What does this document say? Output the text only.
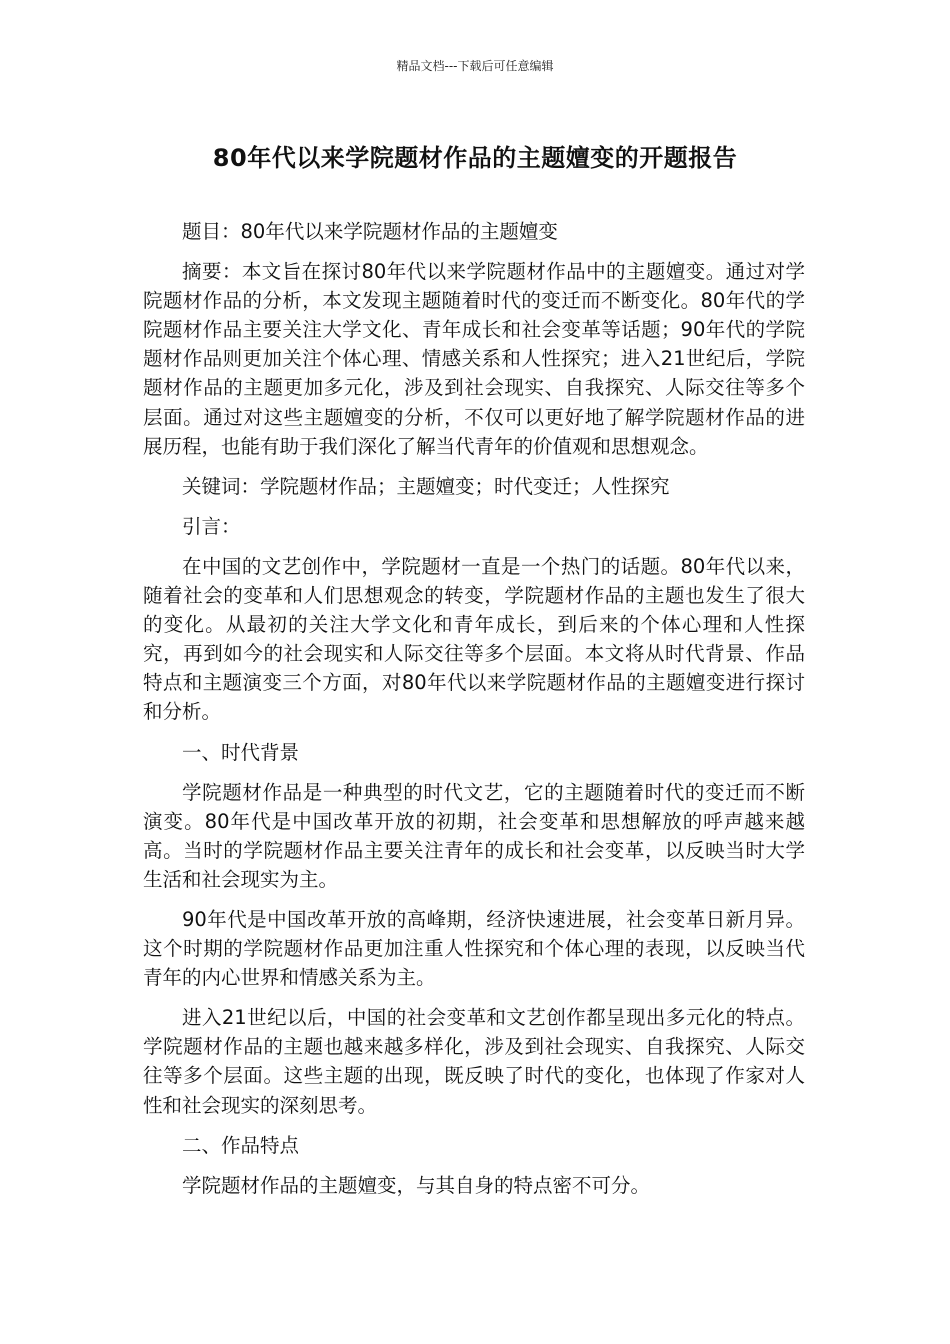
精品文档---下载后可任意编辑
80年代以来学院题材作品的主题嬗变的开题报告

题目：80年代以来学院题材作品的主题嬗变

摘要：本文旨在探讨80年代以来学院题材作品中的主题嬗变。通过对学院题材作品的分析，本文发现主题随着时代的变迁而不断变化。80年代的学院题材作品主要关注大学文化、青年成长和社会变革等话题；90年代的学院题材作品则更加关注个体心理、情感关系和人性探究；进入21世纪后，学院题材作品的主题更加多元化，涉及到社会现实、自我探究、人际交往等多个层面。通过对这些主题嬗变的分析，不仅可以更好地了解学院题材作品的进展历程，也能有助于我们深化了解当代青年的价值观和思想观念。

关键词：学院题材作品；主题嬗变；时代变迁；人性探究

引言：

在中国的文艺创作中，学院题材一直是一个热门的话题。80年代以来，随着社会的变革和人们思想观念的转变，学院题材作品的主题也发生了很大的变化。从最初的关注大学文化和青年成长，到后来的个体心理和人性探究，再到如今的社会现实和人际交往等多个层面。本文将从时代背景、作品特点和主题演变三个方面，对80年代以来学院题材作品的主题嬗变进行探讨和分析。

一、时代背景

学院题材作品是一种典型的时代文艺，它的主题随着时代的变迁而不断演变。80年代是中国改革开放的初期，社会变革和思想解放的呼声越来越高。当时的学院题材作品主要关注青年的成长和社会变革，以反映当时大学生活和社会现实为主。

90年代是中国改革开放的高峰期，经济快速进展，社会变革日新月异。这个时期的学院题材作品更加注重人性探究和个体心理的表现，以反映当代青年的内心世界和情感关系为主。

进入21世纪以后，中国的社会变革和文艺创作都呈现出多元化的特点。学院题材作品的主题也越来越多样化，涉及到社会现实、自我探究、人际交往等多个层面。这些主题的出现，既反映了时代的变化，也体现了作家对人性和社会现实的深刻思考。

二、作品特点

学院题材作品的主题嬗变，与其自身的特点密不可分。
